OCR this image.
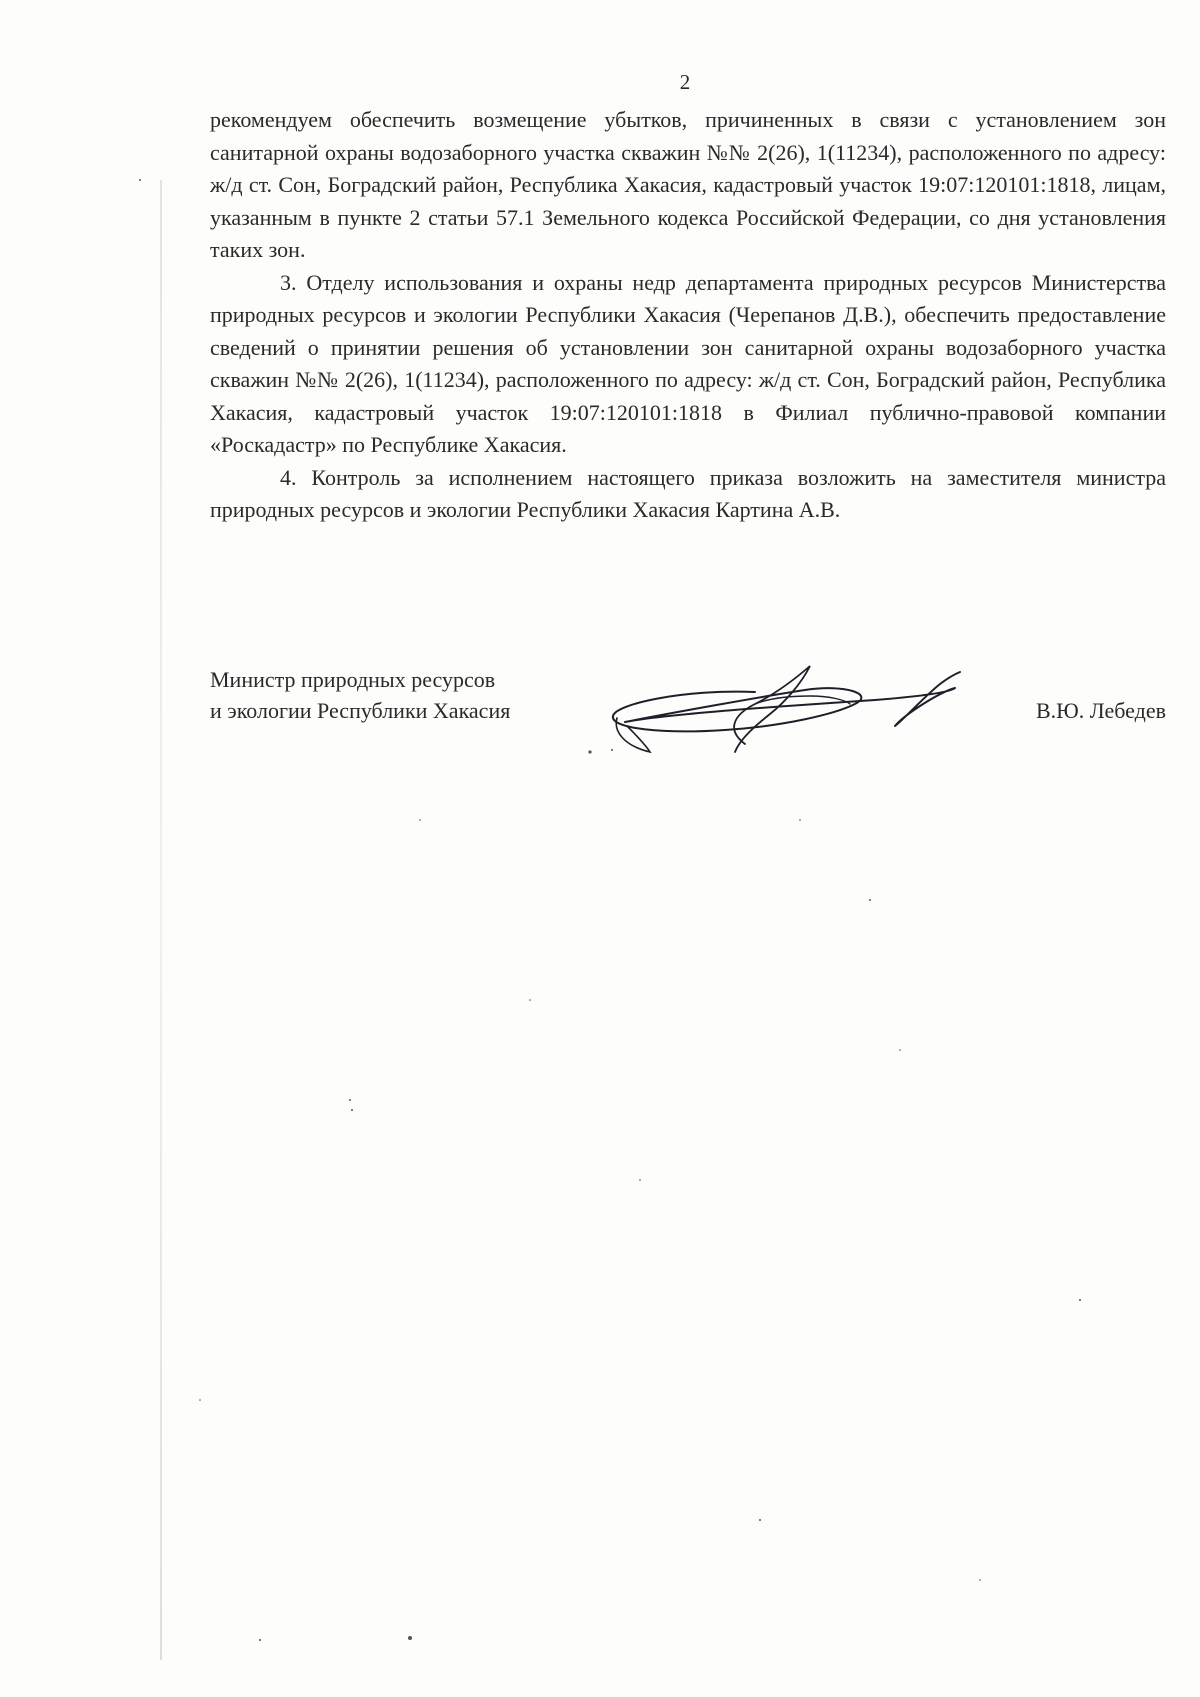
2

рекомендуем обеспечить возмещение убытков, причиненных в связи с установлением зон санитарной охраны водозаборного участка скважин №№ 2(26), 1(11234), расположенного по адресу: ж/д ст. Сон, Боградский район, Республика Хакасия, кадастровый участок 19:07:120101:1818, лицам, указанным в пункте 2 статьи 57.1 Земельного кодекса Российской Федерации, со дня установления таких зон.

3. Отделу использования и охраны недр департамента природных ресурсов Министерства природных ресурсов и экологии Республики Хакасия (Черепанов Д.В.), обеспечить предоставление сведений о принятии решения об установлении зон санитарной охраны водозаборного участка скважин №№ 2(26), 1(11234), расположенного по адресу: ж/д ст. Сон, Боградский район, Республика Хакасия, кадастровый участок 19:07:120101:1818 в Филиал публично-правовой компании «Роскадастр» по Республике Хакасия.

4. Контроль за исполнением настоящего приказа возложить на заместителя министра природных ресурсов и экологии Республики Хакасия Картина А.В.

Министр природных ресурсов
и экологии Республики Хакасия	В.Ю. Лебедев
